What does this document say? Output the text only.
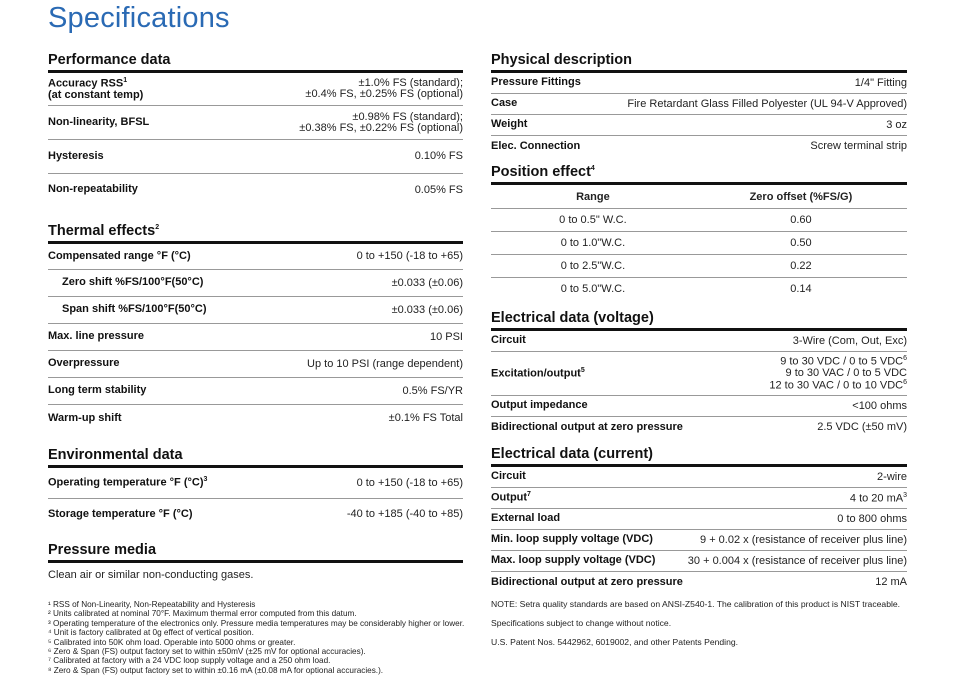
Specifications
Performance data
Accuracy RSS$^1$
(at constant temp)
±1.0% FS (standard);
±0.4% FS, ±0.25% FS (optional)
Non-linearity, BFSL	±0.98% FS (standard);
±0.38% FS, ±0.22% FS (optional)
Hysteresis	0.10% FS
Non-repeatability	0.05% FS
Thermal effects$^2$
Compensated range °F (°C)	0 to +150 (-18 to +65)
Zero shift %FS/100°F(50°C)	±0.033 (±0.06)
Span shift %FS/100°F(50°C)	±0.033 (±0.06)
Max. line pressure	10 PSI
Overpressure	Up to 10 PSI (range dependent)
Long term stability	0.5% FS/YR
Warm-up shift	±0.1% FS Total
Environmental data
Operating temperature °F $(^\circ C)^3$	0 to +150 (-18 to +65)
Storage temperature °F (°C)	-40 to +185 (-40 to +85)
Pressure media
Clean air or similar non-conducting gases.
Physical description
Pressure Fittings	1/4" Fitting
Case	Fire Retardant Glass Filled Polyester (UL 94-V Approved)
Weight	3 oz
Elec. Connection	Screw terminal strip
Position effect$^4$
Range	Zero offset (%FS/G)
0 to 0.5" W.C.	0.60
0 to 1.0"W.C.	0.50
0 to 2.5"W.C.	0.22
0 to 5.0"W.C.	0.14
Electrical data (voltage)
Circuit	3-Wire (Com, Out, Exc)
Excitation/output$^5$
9 to 30 VDC / 0 to 5 VDC$^6$
9 to 30 VAC / 0 to 5 VDC
12 to 30 VAC / 0 to 10 VDC$^6$
Output impedance	<100 ohms
Bidirectional output at zero pressure	2.5 VDC (±50 mV)
Electrical data (current)
Circuit	2-wire
Output$^7$	4 to 20 $mA^3$
External load	0 to 800 ohms
Min. loop supply voltage (VDC)	9 + 0.02 x (resistance of receiver plus line)
Max. loop supply voltage (VDC)	30 + 0.004 x (resistance of receiver plus line)
Bidirectional output at zero pressure	12 mA
¹ RSS of Non-Linearity, Non-Repeatability and Hysteresis
² Units calibrated at nominal 70°F. Maximum thermal error computed from this datum.
³ Operating temperature of the electronics only. Pressure media temperatures may be considerably higher or lower.
⁴ Unit is factory calibrated at 0g effect of vertical position.
⁵ Calibrated into 50K ohm load. Operable into 5000 ohms or greater.
⁶ Zero & Span (FS) output factory set to within ±50mV (±25 mV for optional accuracies).
⁷ Calibrated at factory with a 24 VDC loop supply voltage and a 250 ohm load.
⁸ Zero & Span (FS) output factory set to within ±0.16 mA (±0.08 mA for optional accuracies.).
NOTE: Setra quality standards are based on ANSI-Z540-1. The calibration of this product is NIST traceable.
Specifications subject to change without notice.
U.S. Patent Nos. 5442962, 6019002, and other Patents Pending.
